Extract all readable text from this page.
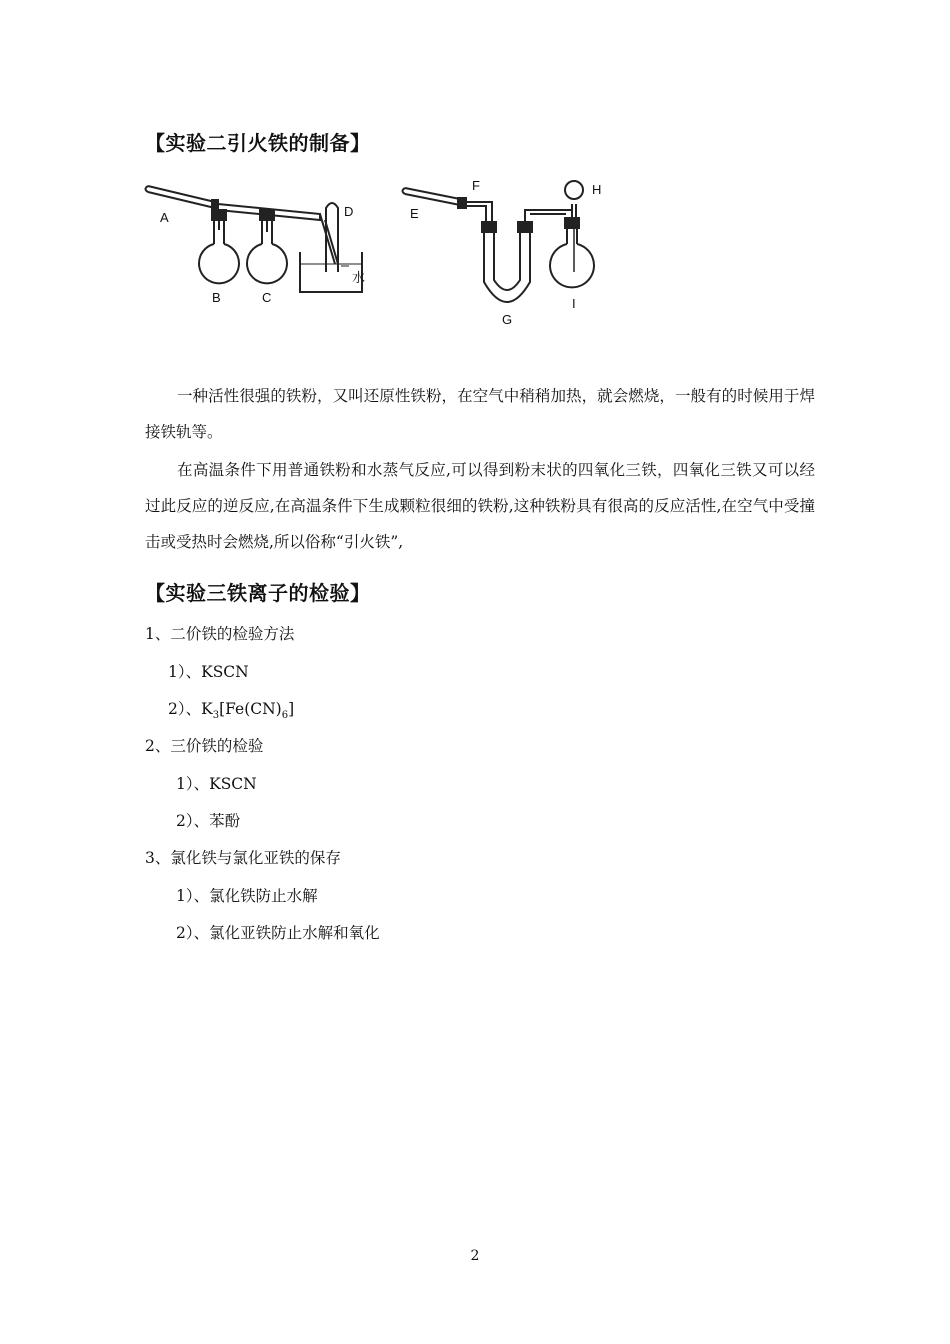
【实验二引火铁的制备】
A
B	C
D
水
E
F
G
H
I

一种活性很强的铁粉，又叫还原性铁粉，在空气中稍稍加热，就会燃烧，一般有的时候用于焊接铁轨等。

在高温条件下用普通铁粉和水蒸气反应,可以得到粉末状的四氧化三铁，四氧化三铁又可以经过此反应的逆反应,在高温条件下生成颗粒很细的铁粉,这种铁粉具有很高的反应活性,在空气中受撞击或受热时会燃烧,所以俗称“引火铁”,

【实验三铁离子的检验】

1、二价铁的检验方法

1）、KSCN

2）、$K_3[Fe(CN)_6]$

2、三价铁的检验

1）、KSCN

2）、苯酚

3、氯化铁与氯化亚铁的保存

1）、氯化铁防止水解

2）、氯化亚铁防止水解和氧化

2
